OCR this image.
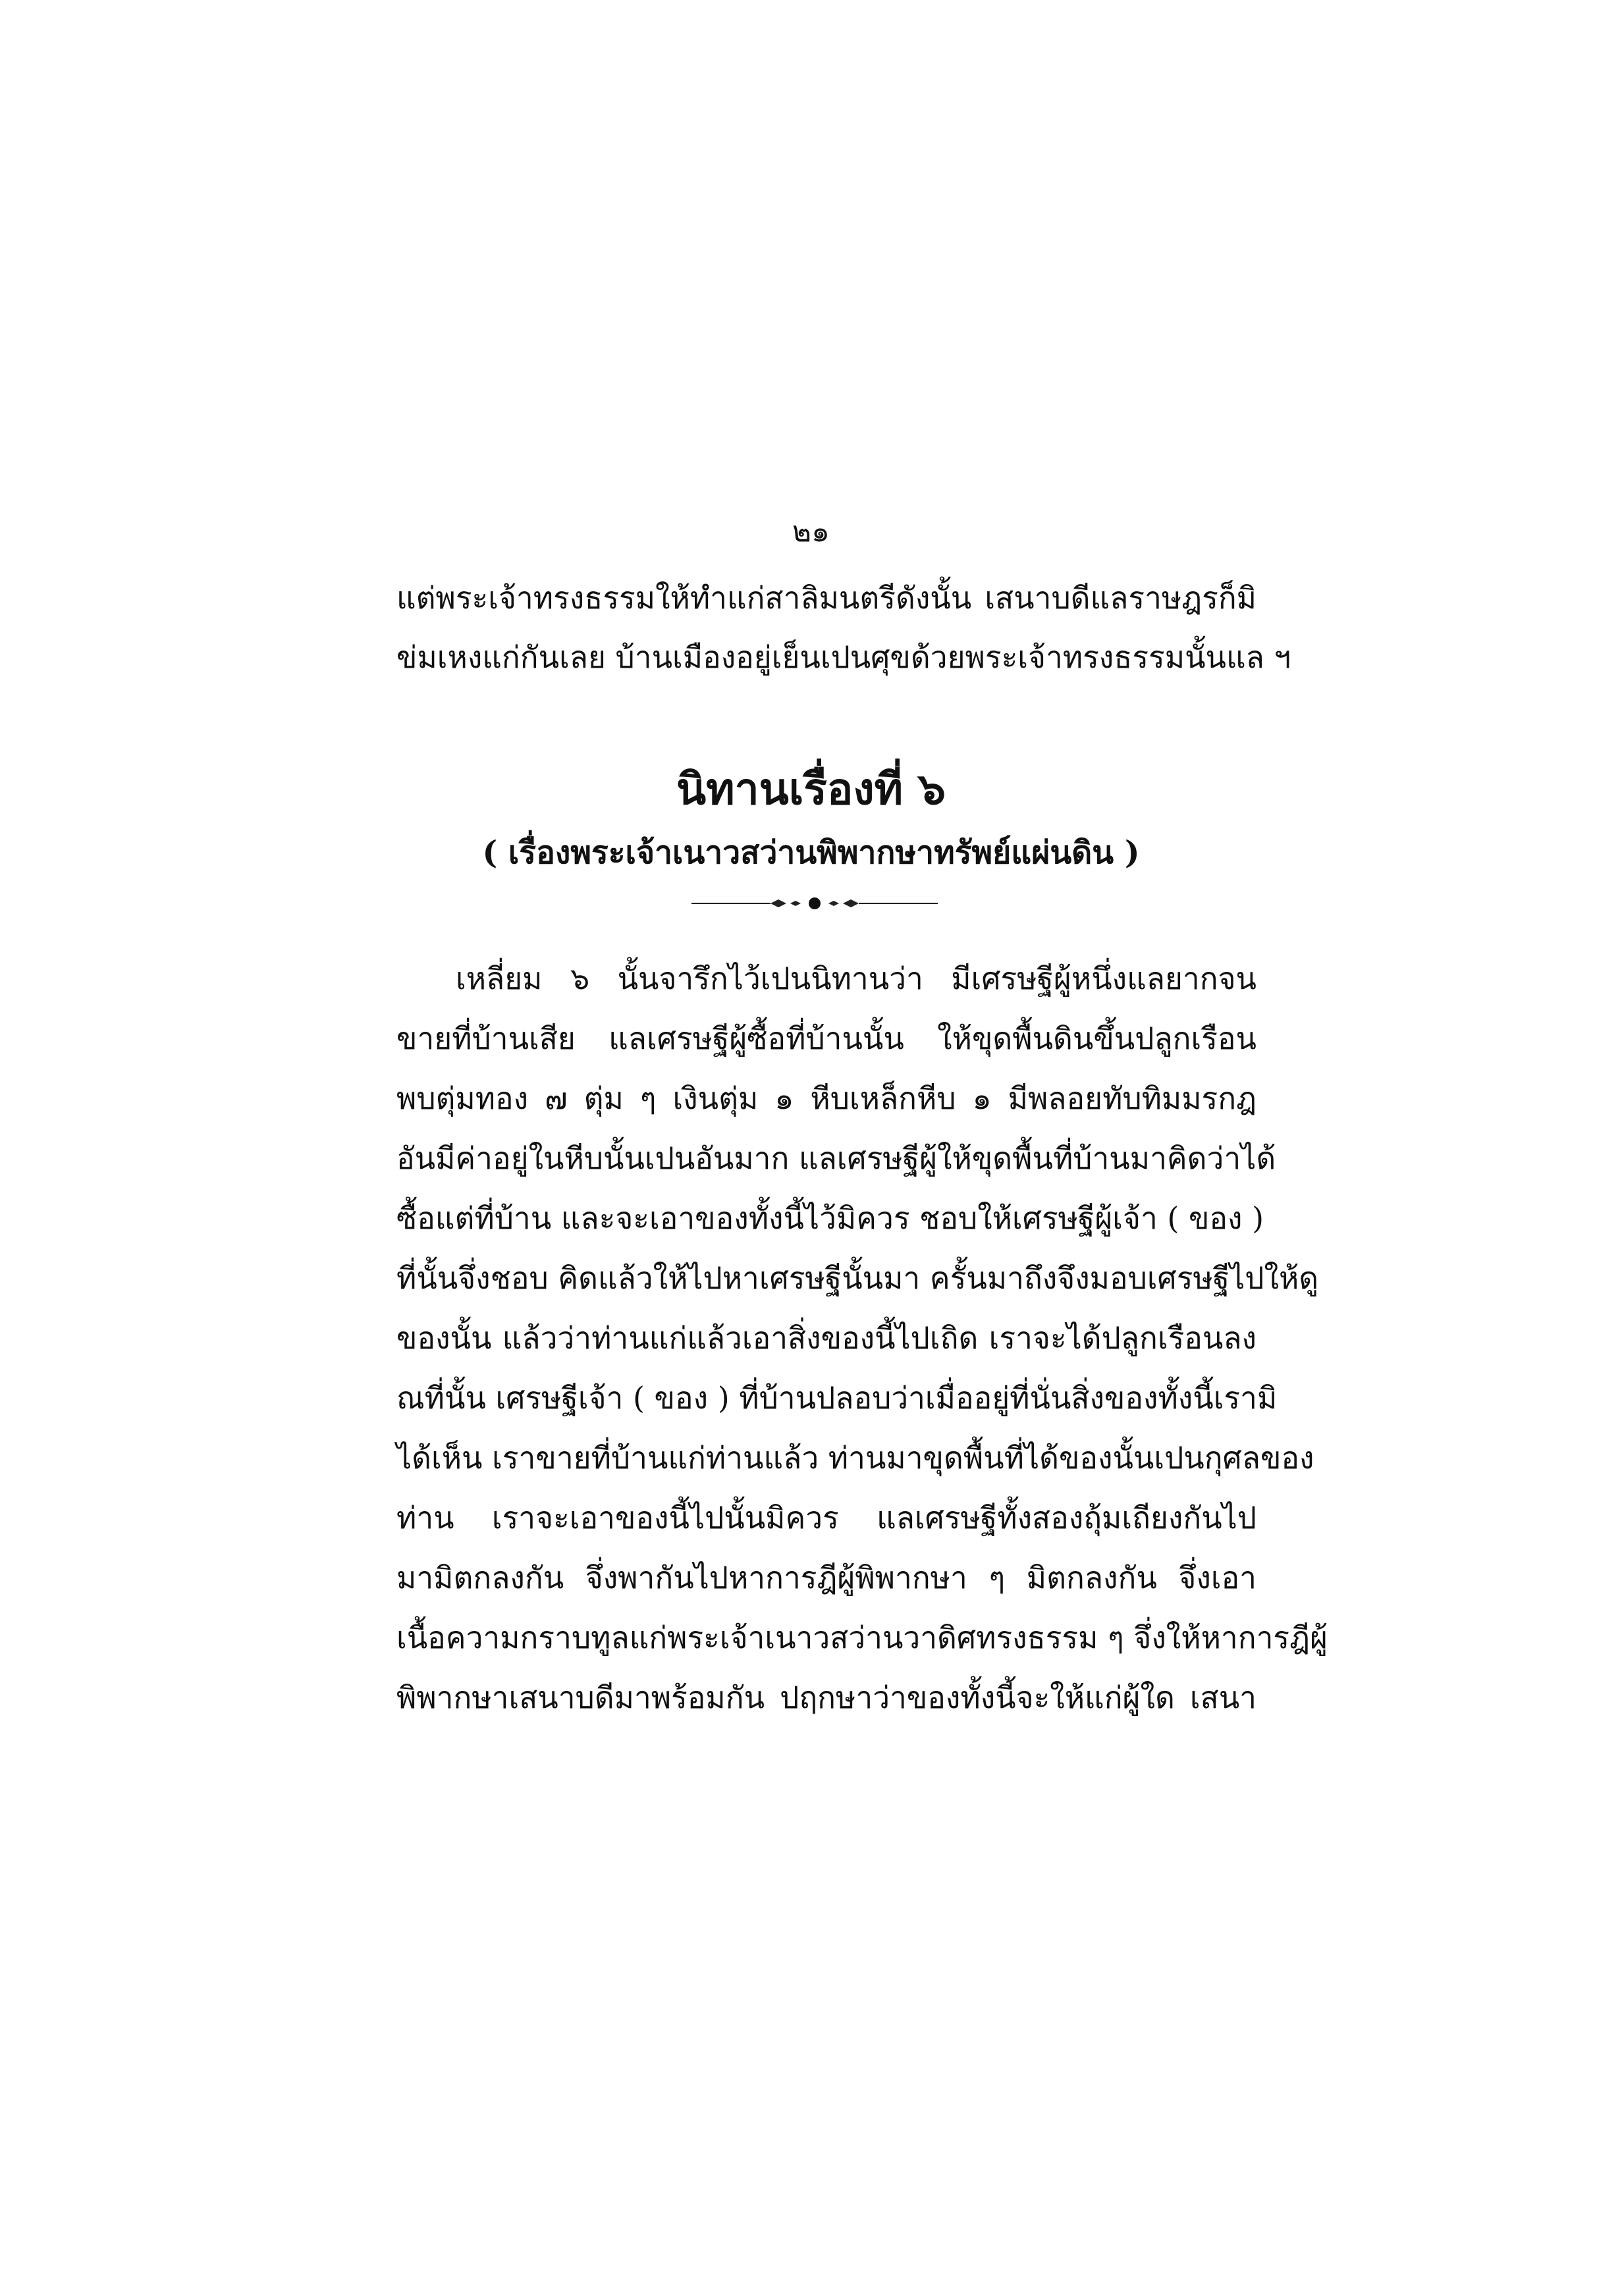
๒๑
แต่พระเจ้าทรงธรรมให้ทำแก่สาลิมนตรีดังนั้น เสนาบดีแลราษฎรก็มิ
ข่มเหงแก่กันเลย บ้านเมืองอยู่เย็นเปนศุขด้วยพระเจ้าทรงธรรมนั้นแล ฯ
นิทานเรื่องที่ ๖
( เรื่องพระเจ้าเนาวสว่านพิพากษาทรัพย์แผ่นดิน )
เหลี่ยม ๖ นั้นจารึกไว้เปนนิทานว่า มีเศรษฐีผู้หนึ่งแลยากจน
ขายที่บ้านเสีย แลเศรษฐีผู้ซื้อที่บ้านนั้น ให้ขุดพื้นดินขึ้นปลูกเรือน
พบตุ่มทอง ๗ ตุ่ม ๆ เงินตุ่ม ๑ หีบเหล็กหีบ ๑ มีพลอยทับทิมมรกฎ
อันมีค่าอยู่ในหีบนั้นเปนอันมาก แลเศรษฐีผู้ให้ขุดพื้นที่บ้านมาคิดว่าได้
ซื้อแต่ที่บ้าน และจะเอาของทั้งนี้ไว้มิควร ชอบให้เศรษฐีผู้เจ้า ( ของ )
ที่นั้นจึ่งชอบ คิดแล้วให้ไปหาเศรษฐีนั้นมา ครั้นมาถึงจึงมอบเศรษฐีไปให้ดู
ของนั้น แล้วว่าท่านแก่แล้วเอาสิ่งของนี้ไปเถิด เราจะได้ปลูกเรือนลง
ณที่นั้น เศรษฐีเจ้า ( ของ ) ที่บ้านปลอบว่าเมื่ออยู่ที่นั่นสิ่งของทั้งนี้เรามิ
ได้เห็น เราขายที่บ้านแก่ท่านแล้ว ท่านมาขุดพื้นที่ได้ของนั้นเปนกุศลของ
ท่าน เราจะเอาของนี้ไปนั้นมิควร แลเศรษฐีทั้งสองถุ้มเถียงกันไป
มามิตกลงกัน จึ่งพากันไปหาการฎีผู้พิพากษา ๆ มิตกลงกัน จึ่งเอา
เนื้อความกราบทูลแก่พระเจ้าเนาวสว่านวาดิศทรงธรรม ๆ จึ่งให้หาการฎีผู้
พิพากษาเสนาบดีมาพร้อมกัน ปฤกษาว่าของทั้งนี้จะให้แก่ผู้ใด เสนา
